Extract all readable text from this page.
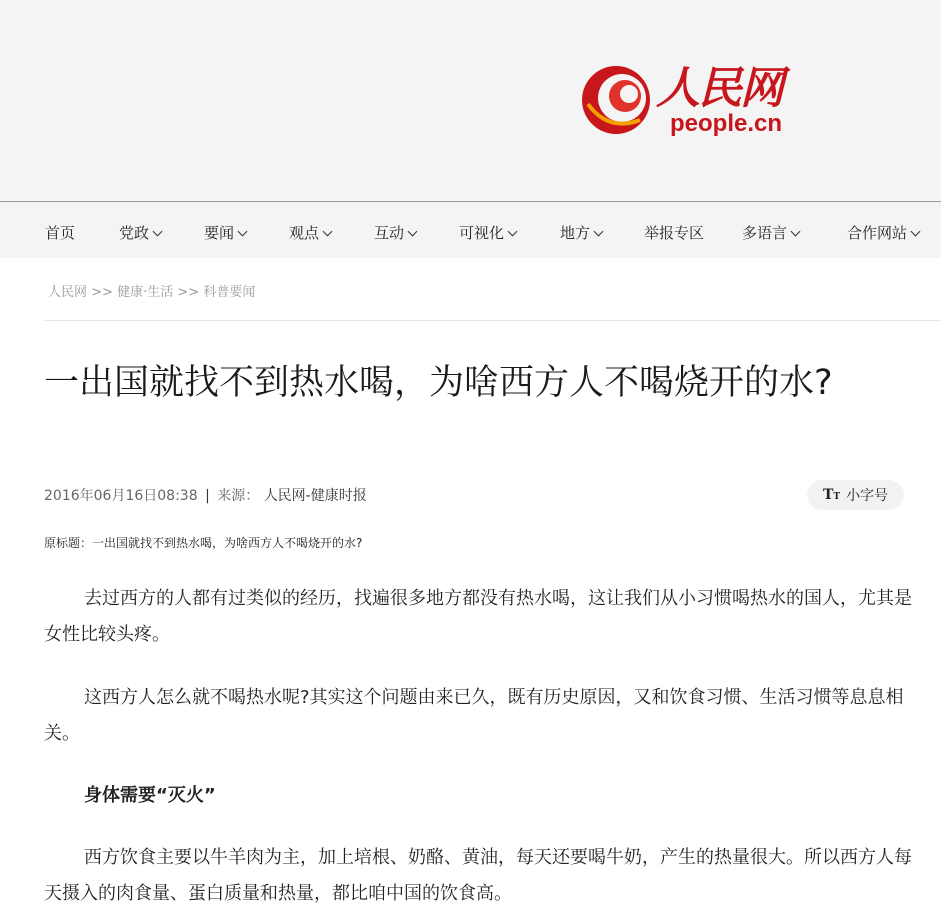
人民网
people.cn
首页	党政	要闻	观点	互动	可视化	地方	举报专区	多语言	合作网站
人民网 >> 健康·生活 >> 科普要闻
一出国就找不到热水喝，为啥西方人不喝烧开的水?
2016年06月16日08:38 | 来源： 人民网-健康时报	TT 小字号
原标题：一出国就找不到热水喝，为啥西方人不喝烧开的水?

去过西方的人都有过类似的经历，找遍很多地方都没有热水喝，这让我们从小习惯喝热水的国人，尤其是女性比较头疼。

这西方人怎么就不喝热水呢?其实这个问题由来已久，既有历史原因，又和饮食习惯、生活习惯等息息相关。

身体需要“灭火”

西方饮食主要以牛羊肉为主，加上培根、奶酪、黄油，每天还要喝牛奶，产生的热量很大。所以西方人每天摄入的肉食量、蛋白质量和热量，都比咱中国的饮食高。
